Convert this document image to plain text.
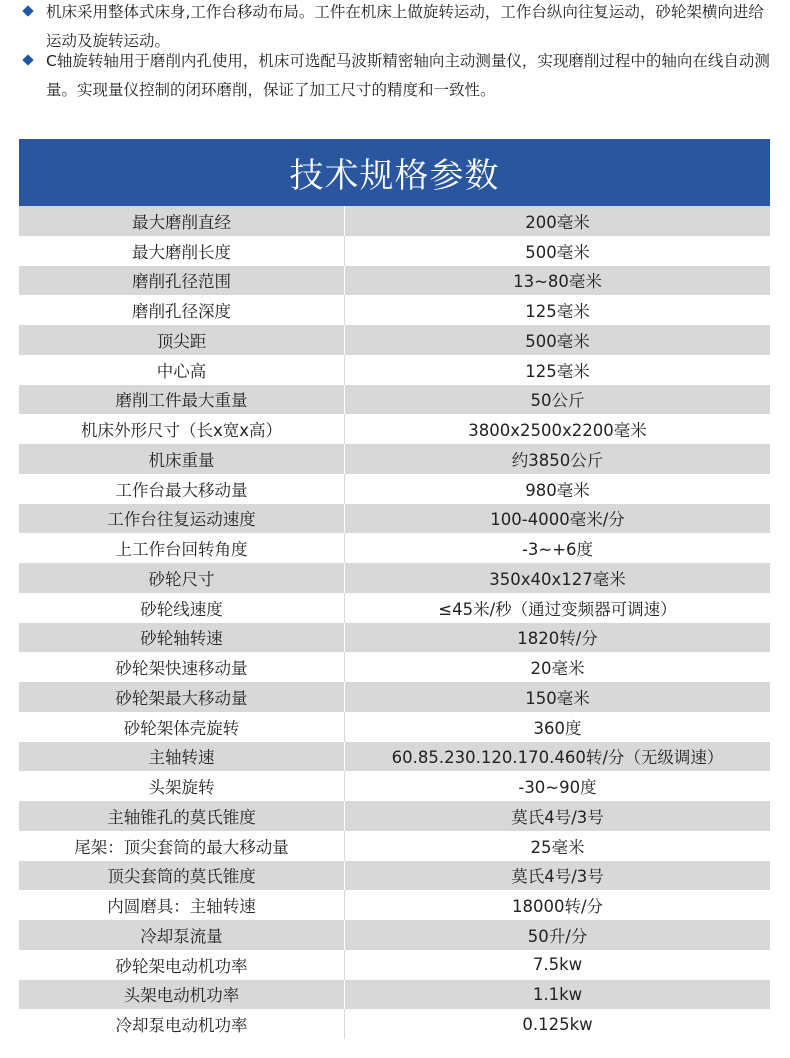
机床采用整体式床身,工作台移动布局。工件在机床上做旋转运动，工作台纵向往复运动，砂轮架横向进给运动及旋转运动。
C轴旋转轴用于磨削内孔使用，机床可选配马波斯精密轴向主动测量仪，实现磨削过程中的轴向在线自动测量。实现量仪控制的闭环磨削，保证了加工尺寸的精度和一致性。
技术规格参数
最大磨削直经	200毫米
最大磨削长度	500毫米
磨削孔径范围	13~80毫米
磨削孔径深度	125毫米
顶尖距	500毫米
中心高	125毫米
磨削工件最大重量	50公斤
机床外形尺寸（长x宽x高）	3800x2500x2200毫米
机床重量	约3850公斤
工作台最大移动量	980毫米
工作台往复运动速度	100-4000毫米/分
上工作台回转角度	-3~+6度
砂轮尺寸	350x40x127毫米
砂轮线速度	≤45米/秒（通过变频器可调速）
砂轮轴转速	1820转/分
砂轮架快速移动量	20毫米
砂轮架最大移动量	150毫米
砂轮架体壳旋转	360度
主轴转速	60.85.230.120.170.460转/分（无级调速）
头架旋转	-30~90度
主轴锥孔的莫氏锥度	莫氏4号/3号
尾架：顶尖套筒的最大移动量	25毫米
顶尖套筒的莫氏锥度	莫氏4号/3号
内圆磨具：主轴转速	18000转/分
冷却泵流量	50升/分
砂轮架电动机功率	7.5kw
头架电动机功率	1.1kw
冷却泵电动机功率	0.125kw
